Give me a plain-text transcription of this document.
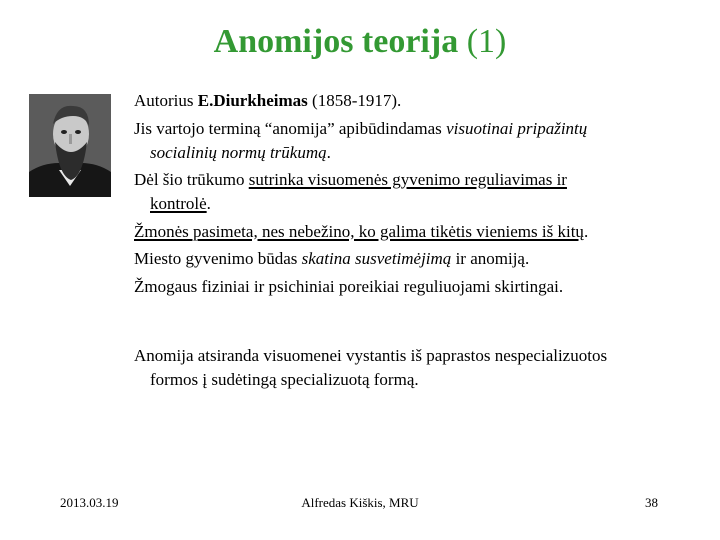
Anomijos teorija (1)
Autorius E.Diurkheimas (1858-1917).
Jis vartojo terminą “anomija” apibūdindamas visuotinai pripažintų
socialinių normų trūkumą.
Dėl šio trūkumo sutrinka visuomenės gyvenimo reguliavimas ir
kontrolė.
Žmonės pasimeta, nes nebežino, ko galima tikėtis vieniems iš kitų.
Miesto gyvenimo būdas skatina susvetimėjimą ir anomiją.
Žmogaus fiziniai ir psichiniai poreikiai reguliuojami skirtingai.
Anomija atsiranda visuomenei vystantis iš paprastos nespecializuotos
formos į sudėtingą specializuotą formą.
2013.03.19	Alfredas Kiškis, MRU	38
